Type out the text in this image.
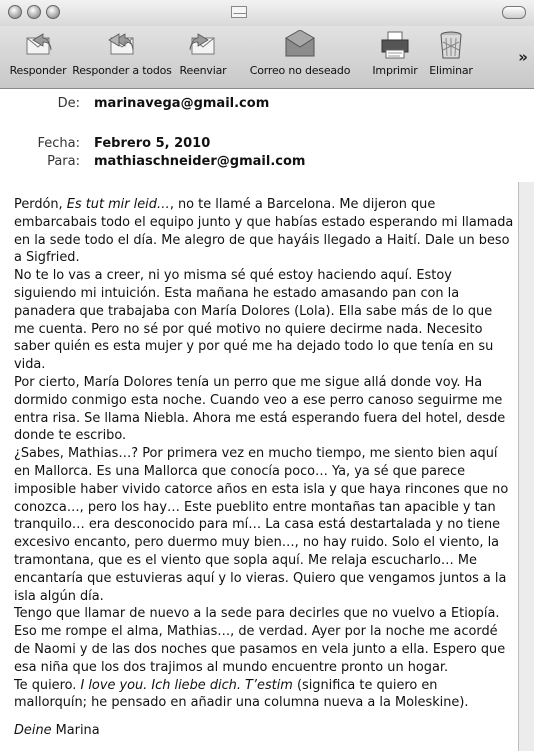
Responder Responder a todos Reenviar	Correo no deseado	Imprimir	Eliminar
»
De: marinavega@gmail.com
Fecha: Febrero 5, 2010
Para: mathiaschneider@gmail.com

Perdón, Es tut mir leid…, no te llamé a Barcelona. Me dijeron que embarcabais todo el equipo junto y que habías estado esperando mi llamada en la sede todo el día. Me alegro de que hayáis llegado a Haití. Dale un beso a Sigfried.

No te lo vas a creer, ni yo misma sé qué estoy haciendo aquí. Estoy siguiendo mi intuición. Esta mañana he estado amasando pan con la panadera que trabajaba con María Dolores (Lola). Ella sabe más de lo que me cuenta. Pero no sé por qué motivo no quiere decirme nada. Necesito saber quién es esta mujer y por qué me ha dejado todo lo que tenía en su vida.

Por cierto, María Dolores tenía un perro que me sigue allá donde voy. Ha dormido conmigo esta noche. Cuando veo a ese perro canoso seguirme me entra risa. Se llama Niebla. Ahora me está esperando fuera del hotel, desde donde te escribo.

¿Sabes, Mathias…? Por primera vez en mucho tiempo, me siento bien aquí en Mallorca. Es una Mallorca que conocía poco… Ya, ya sé que parece imposible haber vivido catorce años en esta isla y que haya rincones que no conozca…, pero los hay… Este pueblito entre montañas tan apacible y tan tranquilo… era desconocido para mí… La casa está destartalada y no tiene excesivo encanto, pero duermo muy bien…, no hay ruido. Solo el viento, la tramontana, que es el viento que sopla aquí. Me relaja escucharlo… Me encantaría que estuvieras aquí y lo vieras. Quiero que vengamos juntos a la isla algún día.

Tengo que llamar de nuevo a la sede para decirles que no vuelvo a Etiopía. Eso me rompe el alma, Mathias…, de verdad. Ayer por la noche me acordé de Naomi y de las dos noches que pasamos en vela junto a ella. Espero que esa niña que los dos trajimos al mundo encuentre pronto un hogar.

Te quiero. I love you. Ich liebe dich. T’estim (significa te quiero en mallorquín; he pensado en añadir una columna nueva a la Moleskine).

Deine Marina
